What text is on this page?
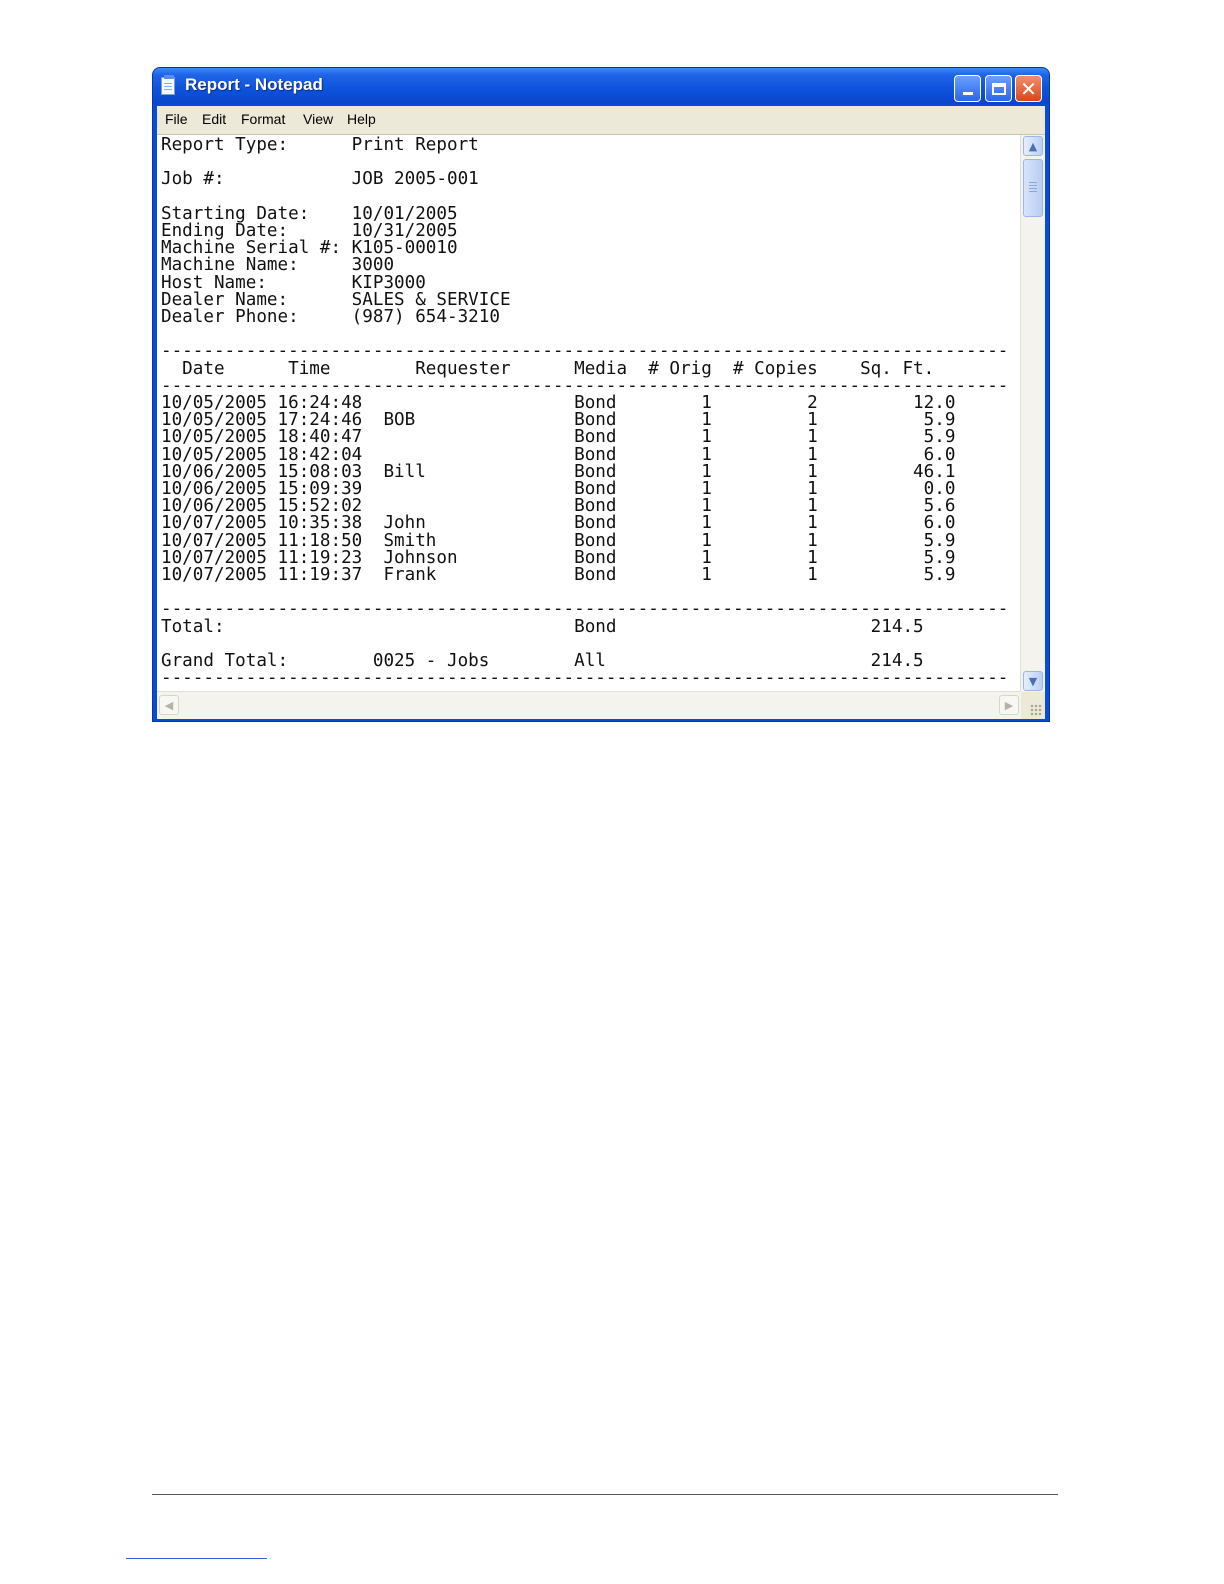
Report - Notepad	✕
File Edit Format View Help
Report Type:      Print Report

Job #:            JOB 2005-001

Starting Date:    10/01/2005
Ending Date:      10/31/2005
Machine Serial #: K105-00010
Machine Name:     3000
Host Name:        KIP3000
Dealer Name:      SALES & SERVICE
Dealer Phone:     (987) 654-3210

--------------------------------------------------------------------------------
Date      Time        Requester      Media  # Orig  # Copies    Sq. Ft.
--------------------------------------------------------------------------------
10/05/2005 16:24:48                    Bond        1         2         12.0
10/05/2005 17:24:46  BOB               Bond        1         1          5.9
10/05/2005 18:40:47                    Bond        1         1          5.9
10/05/2005 18:42:04                    Bond        1         1          6.0
10/06/2005 15:08:03  Bill              Bond        1         1         46.1
10/06/2005 15:09:39                    Bond        1         1          0.0
10/06/2005 15:52:02                    Bond        1         1          5.6
10/07/2005 10:35:38  John              Bond        1         1          6.0
10/07/2005 11:18:50  Smith             Bond        1         1          5.9
10/07/2005 11:19:23  Johnson           Bond        1         1          5.9
10/07/2005 11:19:37  Frank             Bond        1         1          5.9

--------------------------------------------------------------------------------
Total:                                 Bond                        214.5

Grand Total:        0025 - Jobs        All                         214.5
--------------------------------------------------------------------------------
▲
▼
◀	▶
